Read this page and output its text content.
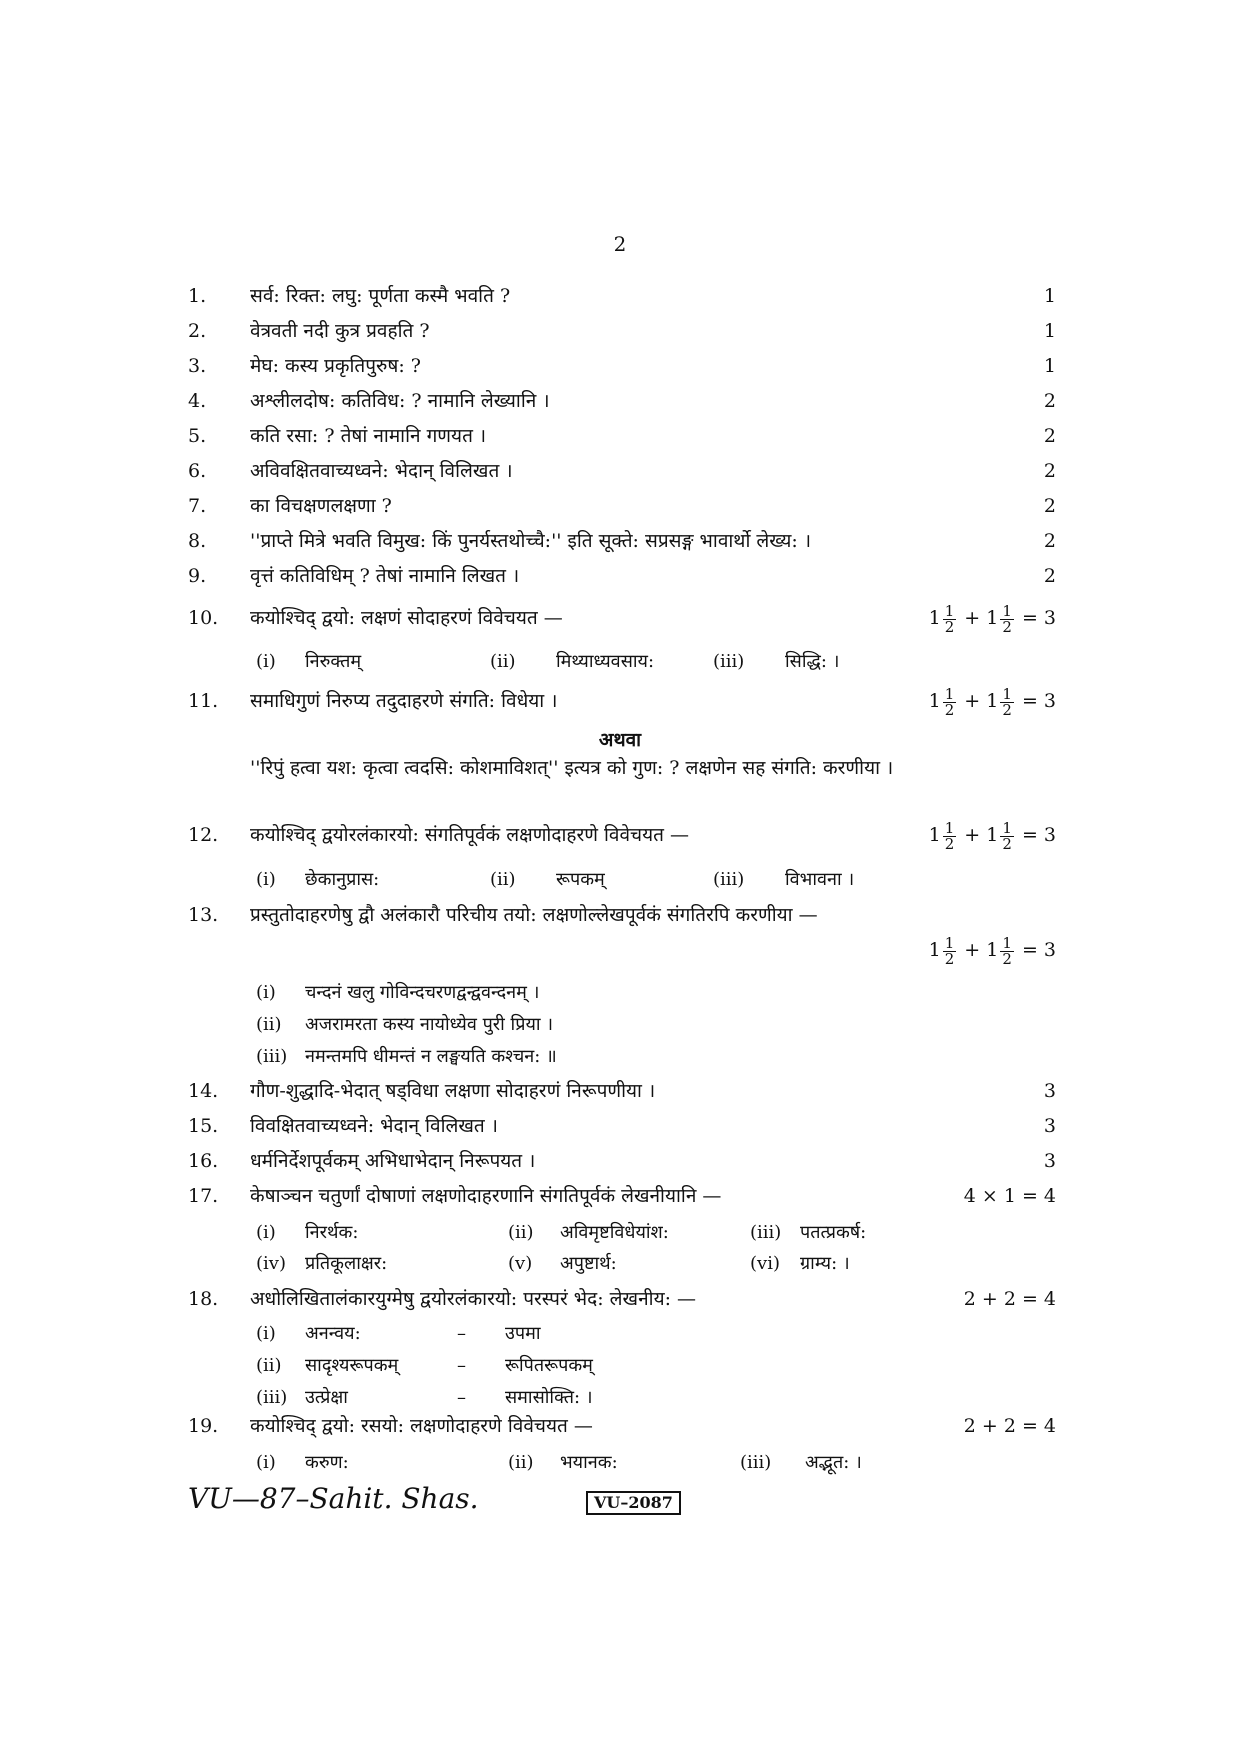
2
1. सर्व: रिक्त: लघु: पूर्णता कस्मै भवति ?	1
2. वेत्रवती नदी कुत्र प्रवहति ?	1
3. मेघ: कस्य प्रकृतिपुरुष: ?	1
4. अश्लीलदोष: कतिविध: ? नामानि लेख्यानि ।	2
5. कति रसा: ? तेषां नामानि गणयत ।	2
6. अविवक्षितवाच्यध्वने: भेदान् विलिखत ।	2
7. का विचक्षणलक्षणा ?	2
8. ''प्राप्ते मित्रे भवति विमुख: किं पुनर्यस्तथोच्चै:'' इति सूक्ते: सप्रसङ्ग भावार्थो लेख्य: ।	2
9. वृत्तं कतिविधिम् ? तेषां नामानि लिखत ।	2
10. कयोश्चिद् द्वयो: लक्षणं सोदाहरणं विवेचयत —	$1 \frac{1}{2} + 1 \frac{1}{2} = 3$
(i) निरुक्तम्	(ii) मिथ्याध्यवसाय:	(iii) सिद्धि: ।
11. समाधिगुणं निरुप्य तदुदाहरणे संगति: विधेया ।	$1 \frac{1}{2} + 1 \frac{1}{2} = 3$
अथवा
''रिपुं हत्वा यश: कृत्वा त्वदसि: कोशमाविशत्'' इत्यत्र को गुण: ? लक्षणेन सह संगति: करणीया ।
12. कयोश्चिद् द्वयोरलंकारयो: संगतिपूर्वकं लक्षणोदाहरणे विवेचयत —	$1 \frac{1}{2} + 1 \frac{1}{2} = 3$
(i) छेकानुप्रास:	(ii) रूपकम्	(iii) विभावना ।
13. प्रस्तुतोदाहरणेषु द्वौ अलंकारौ परिचीय तयो: लक्षणोल्लेखपूर्वकं संगतिरपि करणीया —
$1 \frac{1}{2} + 1 \frac{1}{2} = 3$
(i) चन्दनं खलु गोविन्दचरणद्वन्द्ववन्दनम् ।
(ii) अजरामरता कस्य नायोध्येव पुरी प्रिया ।
(iii) नमन्तमपि धीमन्तं न लङ्घयति कश्चन: ॥
14. गौण-शुद्धादि-भेदात् षड्विधा लक्षणा सोदाहरणं निरूपणीया ।	3
15. विवक्षितवाच्यध्वने: भेदान् विलिखत ।	3
16. धर्मनिर्देशपूर्वकम् अभिधाभेदान् निरूपयत ।	3
17. केषाञ्चन चतुर्णां दोषाणां लक्षणोदाहरणानि संगतिपूर्वकं लेखनीयानि —	4 × 1 = 4
(i) निरर्थक:	(ii) अविमृष्टविधेयांश:	(iii) पतत्प्रकर्ष:
(iv) प्रतिकूलाक्षर:	(v) अपुष्टार्थ:	(vi) ग्राम्य: ।
18. अधोलिखितालंकारयुग्मेषु द्वयोरलंकारयो: परस्परं भेद: लेखनीय: —	2 + 2 = 4
(i) अनन्वय:	– उपमा
(ii) सादृश्यरूपकम्	– रूपितरूपकम्
(iii) उत्प्रेक्षा	– समासोक्ति: ।
19. कयोश्चिद् द्वयो: रसयो: लक्षणोदाहरणे विवेचयत —	2 + 2 = 4
(i) करुण:	(ii) भयानक:	(iii) अद्भूत: ।
VU—87–Sahit. Shas.	VU–2087
